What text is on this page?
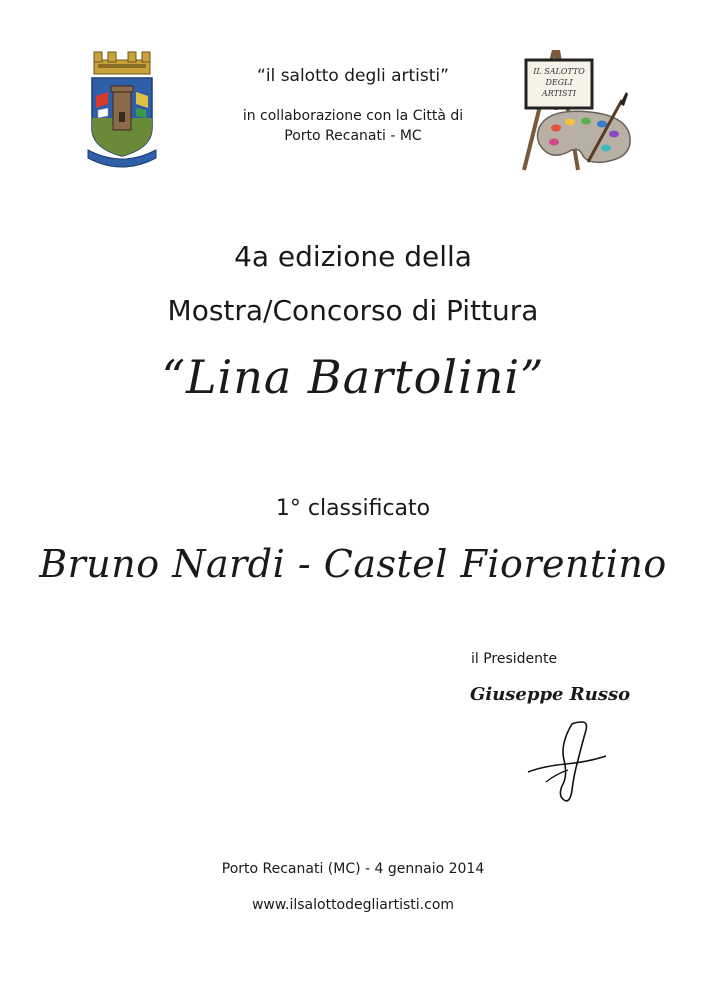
IL SALOTTO
DEGLI
ARTISTI
“il salotto degli artisti”
in collaborazione con la Città di
Porto Recanati - MC
4a edizione della
Mostra/Concorso di Pittura
“Lina Bartolini”
1° classificato
Bruno Nardi - Castel Fiorentino
il Presidente
Giuseppe Russo
Porto Recanati (MC) - 4 gennaio 2014
www.ilsalottodegliartisti.com
